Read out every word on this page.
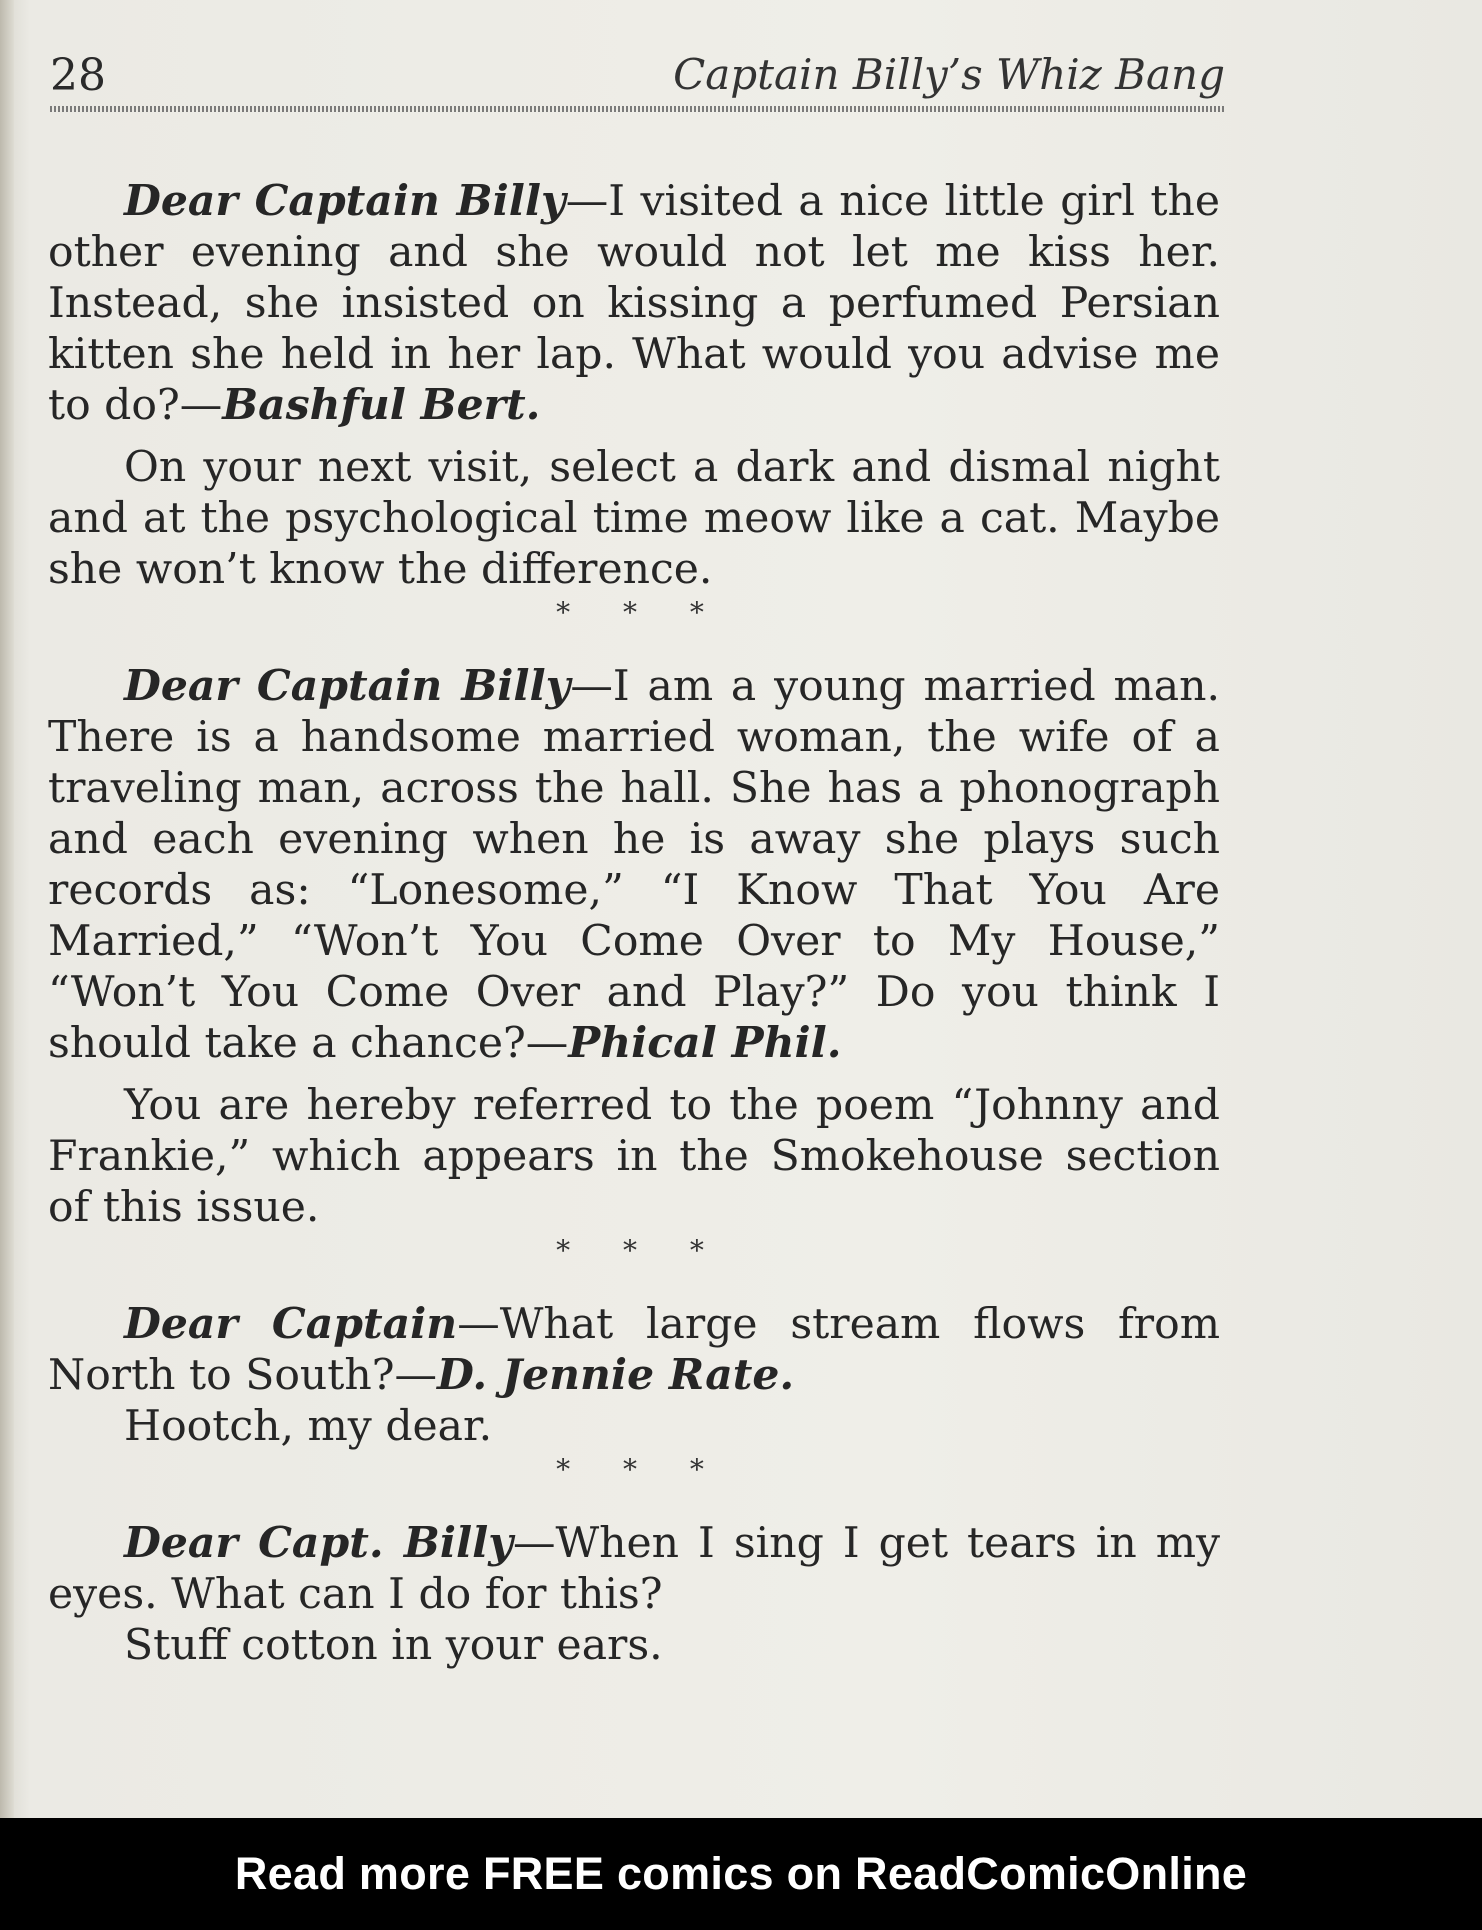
28	Captain Billy’s Whiz Bang

Dear Captain Billy—I visited a nice little girl the other evening and she would not let me kiss her. Instead, she insisted on kissing a perfumed Persian kitten she held in her lap. What would you advise me to do?—Bashful Bert.

On your next visit, select a dark and dismal night and at the psychological time meow like a cat. Maybe she won’t know the difference.

* * *

Dear Captain Billy—I am a young married man. There is a handsome married woman, the wife of a traveling man, across the hall. She has a phonograph and each evening when he is away she plays such records as: “Lonesome,” “I Know That You Are Married,” “Won’t You Come Over to My House,” “Won’t You Come Over and Play?” Do you think I should take a chance?—Phical Phil.

You are hereby referred to the poem “Johnny and Frankie,” which appears in the Smokehouse section of this issue.

* * *

Dear Captain—What large stream flows from North to South?—D. Jennie Rate.

Hootch, my dear.

* * *

Dear Capt. Billy—When I sing I get tears in my eyes. What can I do for this?

Stuff cotton in your ears.

Read more FREE comics on ReadComicOnline
